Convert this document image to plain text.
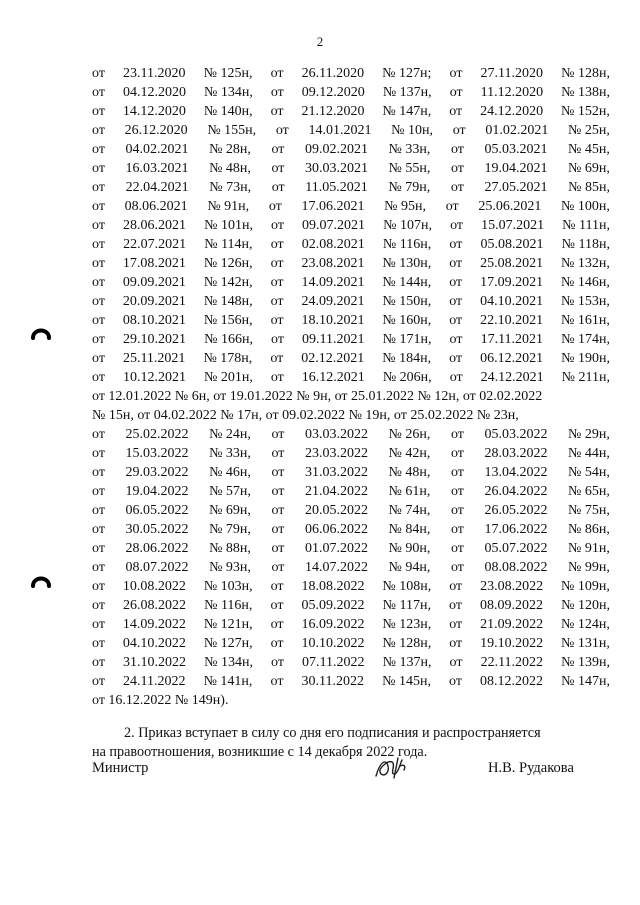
2
от 23.11.2020 № 125н, от 26.11.2020 № 127н; от 27.11.2020 № 128н,
от 04.12.2020 № 134н, от 09.12.2020 № 137н, от 11.12.2020 № 138н,
от 14.12.2020 № 140н, от 21.12.2020 № 147н, от 24.12.2020 № 152н,
от 26.12.2020 № 155н, от 14.01.2021 № 10н, от 01.02.2021 № 25н,
от 04.02.2021 № 28н, от 09.02.2021 № 33н, от 05.03.2021 № 45н,
от 16.03.2021 № 48н, от 30.03.2021 № 55н, от 19.04.2021 № 69н,
от 22.04.2021 № 73н, от 11.05.2021 № 79н, от 27.05.2021 № 85н,
от 08.06.2021 № 91н, от 17.06.2021 № 95н, от 25.06.2021 № 100н,
от 28.06.2021 № 101н, от 09.07.2021 № 107н, от 15.07.2021 № 111н,
от 22.07.2021 № 114н, от 02.08.2021 № 116н, от 05.08.2021 № 118н,
от 17.08.2021 № 126н, от 23.08.2021 № 130н, от 25.08.2021 № 132н,
от 09.09.2021 № 142н, от 14.09.2021 № 144н, от 17.09.2021 № 146н,
от 20.09.2021 № 148н, от 24.09.2021 № 150н, от 04.10.2021 № 153н,
от 08.10.2021 № 156н, от 18.10.2021 № 160н, от 22.10.2021 № 161н,
от 29.10.2021 № 166н, от 09.11.2021 № 171н, от 17.11.2021 № 174н,
от 25.11.2021 № 178н, от 02.12.2021 № 184н, от 06.12.2021 № 190н,
от 10.12.2021 № 201н, от 16.12.2021 № 206н, от 24.12.2021 № 211н,
от 12.01.2022 № 6н, от 19.01.2022 № 9н, от 25.01.2022 № 12н, от 02.02.2022
№ 15н, от 04.02.2022 № 17н, от 09.02.2022 № 19н, от 25.02.2022 № 23н,
от 25.02.2022 № 24н, от 03.03.2022 № 26н, от 05.03.2022 № 29н,
от 15.03.2022 № 33н, от 23.03.2022 № 42н, от 28.03.2022 № 44н,
от 29.03.2022 № 46н, от 31.03.2022 № 48н, от 13.04.2022 № 54н,
от 19.04.2022 № 57н, от 21.04.2022 № 61н, от 26.04.2022 № 65н,
от 06.05.2022 № 69н, от 20.05.2022 № 74н, от 26.05.2022 № 75н,
от 30.05.2022 № 79н, от 06.06.2022 № 84н, от 17.06.2022 № 86н,
от 28.06.2022 № 88н, от 01.07.2022 № 90н, от 05.07.2022 № 91н,
от 08.07.2022 № 93н, от 14.07.2022 № 94н, от 08.08.2022 № 99н,
от 10.08.2022 № 103н, от 18.08.2022 № 108н, от 23.08.2022 № 109н,
от 26.08.2022 № 116н, от 05.09.2022 № 117н, от 08.09.2022 № 120н,
от 14.09.2022 № 121н, от 16.09.2022 № 123н, от 21.09.2022 № 124н,
от 04.10.2022 № 127н, от 10.10.2022 № 128н, от 19.10.2022 № 131н,
от 31.10.2022 № 134н, от 07.11.2022 № 137н, от 22.11.2022 № 139н,
от 24.11.2022 № 141н, от 30.11.2022 № 145н, от 08.12.2022 № 147н,
от 16.12.2022 № 149н).
2. Приказ вступает в силу со дня его подписания и распространяется
на правоотношения, возникшие с 14 декабря 2022 года.
Министр	Н.В. Рудакова
